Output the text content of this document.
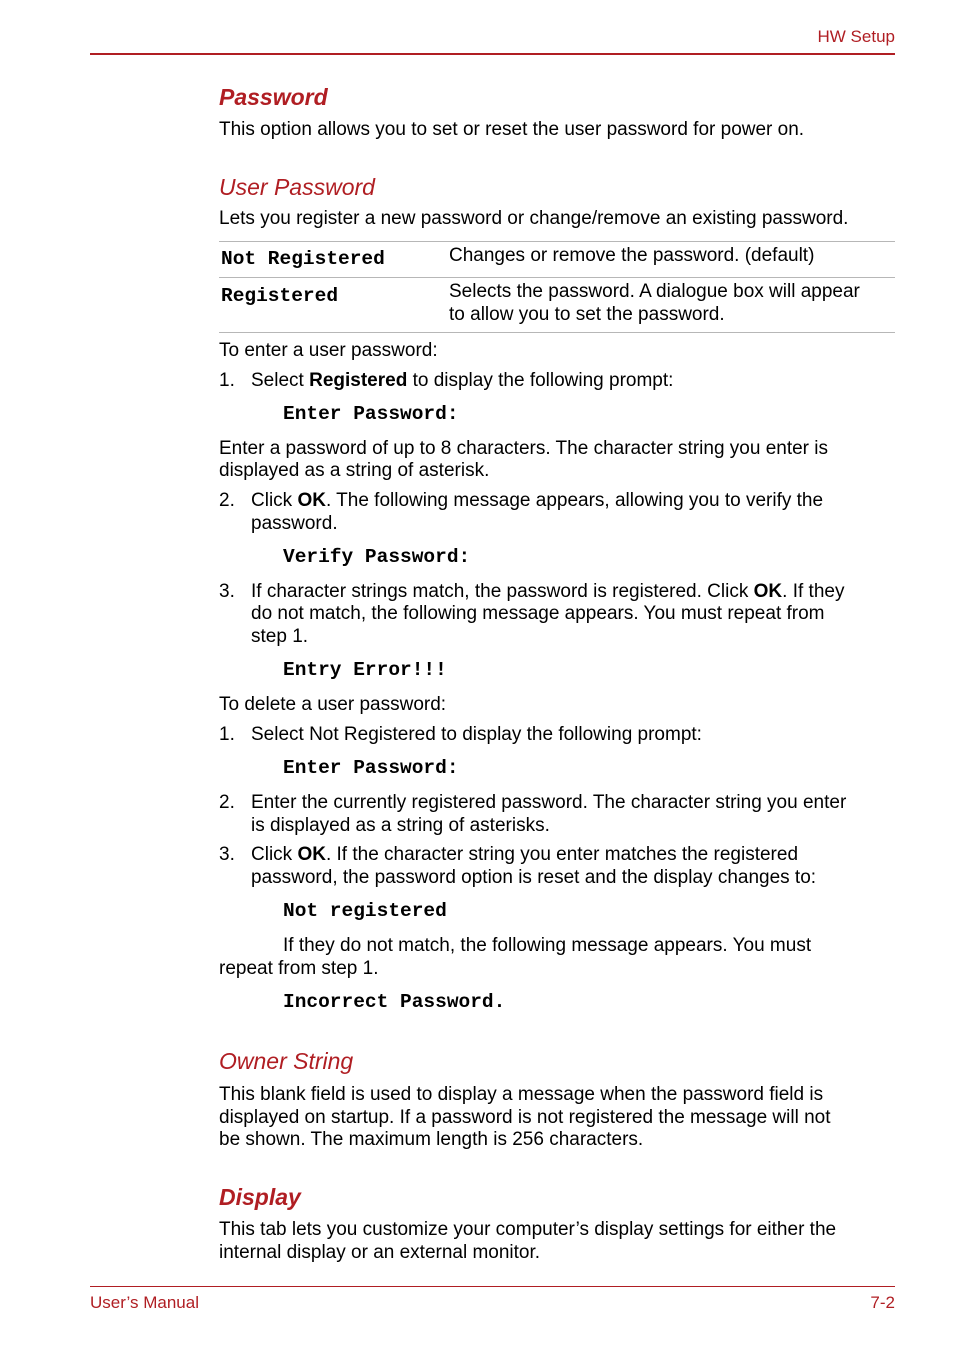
HW Setup
Password
This option allows you to set or reset the user password for power on.
User Password
Lets you register a new password or change/remove an existing password.
Not Registered	Changes or remove the password. (default)
Registered	Selects the password. A dialogue box will appear
to allow you to set the password.
To enter a user password:
1. Select Registered to display the following prompt:
Enter Password:
Enter a password of up to 8 characters. The character string you enter is
displayed as a string of asterisk.
2. Click OK. The following message appears, allowing you to verify the
password.
Verify Password:
3. If character strings match, the password is registered. Click OK. If they
do not match, the following message appears. You must repeat from
step 1.
Entry Error!!!
To delete a user password:
1. Select Not Registered to display the following prompt:
Enter Password:
2. Enter the currently registered password. The character string you enter
is displayed as a string of asterisks.
3. Click OK. If the character string you enter matches the registered
password, the password option is reset and the display changes to:
Not registered
If they do not match, the following message appears. You must
repeat from step 1.
Incorrect Password.
Owner String
This blank field is used to display a message when the password field is
displayed on startup. If a password is not registered the message will not
be shown. The maximum length is 256 characters.
Display
This tab lets you customize your computer’s display settings for either the
internal display or an external monitor.
User’s Manual	7-2
